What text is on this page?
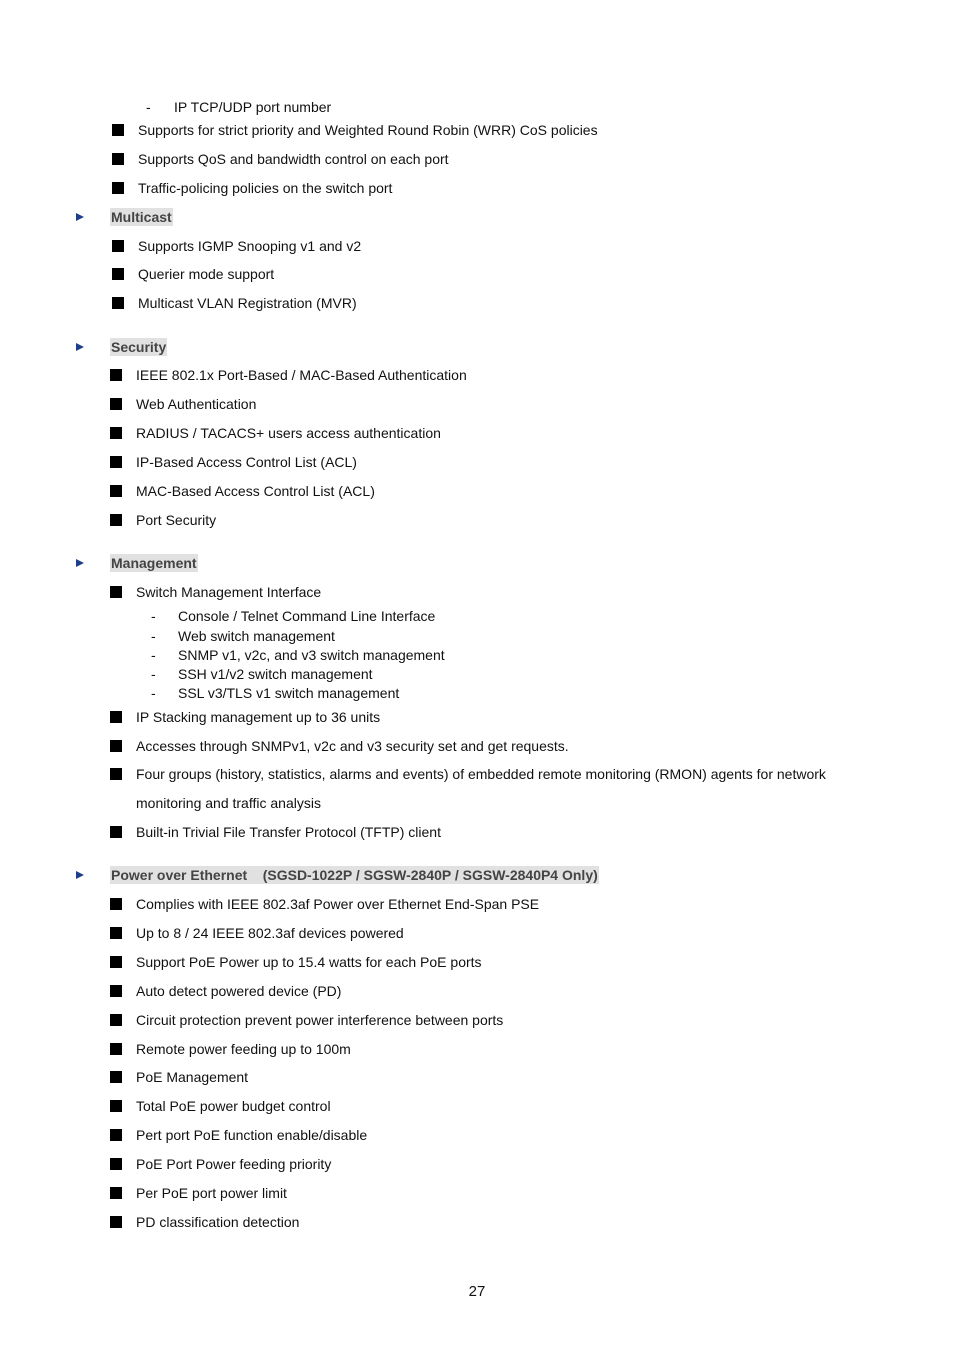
- IP TCP/UDP port number
Supports for strict priority and Weighted Round Robin (WRR) CoS policies
Supports QoS and bandwidth control on each port
Traffic-policing policies on the switch port
Multicast
Supports IGMP Snooping v1 and v2
Querier mode support
Multicast VLAN Registration (MVR)
Security
IEEE 802.1x Port-Based / MAC-Based Authentication
Web Authentication
RADIUS / TACACS+ users access authentication
IP-Based Access Control List (ACL)
MAC-Based Access Control List (ACL)
Port Security
Management
Switch Management Interface
- Console / Telnet Command Line Interface
- Web switch management
- SNMP v1, v2c, and v3 switch management
- SSH v1/v2 switch management
- SSL v3/TLS v1 switch management
IP Stacking management up to 36 units
Accesses through SNMPv1, v2c and v3 security set and get requests.
Four groups (history, statistics, alarms and events) of embedded remote monitoring (RMON) agents for network
monitoring and traffic analysis
Built-in Trivial File Transfer Protocol (TFTP) client
Power over Ethernet    (SGSD-1022P / SGSW-2840P / SGSW-2840P4 Only)
Complies with IEEE 802.3af Power over Ethernet End-Span PSE
Up to 8 / 24 IEEE 802.3af devices powered
Support PoE Power up to 15.4 watts for each PoE ports
Auto detect powered device (PD)
Circuit protection prevent power interference between ports
Remote power feeding up to 100m
PoE Management
Total PoE power budget control
Pert port PoE function enable/disable
PoE Port Power feeding priority
Per PoE port power limit
PD classification detection
27
